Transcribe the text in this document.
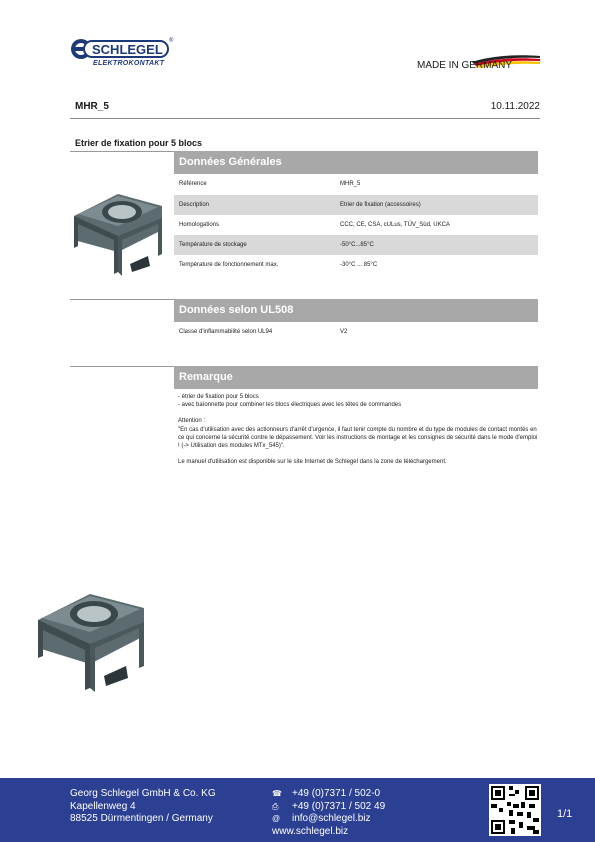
SCHLEGEL
®
ELEKTROKONTAKT	MADE IN GERMANY
MHR_5	10.11.2022
Etrier de fixation pour 5 blocs
Données Générales
Référence	MHR_5
Description	Etrier de fixation (accessoires)
Homologations	CCC, CE, CSA, cULus, TÜV_Süd, UKCA
Température de stockage	-50°C...85°C
Température de fonctionnement max.	-30°C ... 85°C
Données selon UL508
Classe d'inflammabilité selon UL94	V2
Remarque

- étrier de fixation pour 5 blocs

- avec baïonnette pour combiner les blocs électriques avec les têtes de commandes

Attention :

"En cas d'utilisation avec des actionneurs d'arrêt d'urgence, il faut tenir compte du nombre et du type de modules de contact montés en ce qui concerne la sécurité contre le dépassement. Voir les instructions de montage et les consignes de sécurité dans le mode d'emploi ! (-> Utilisation des modules MTx_545)".

Le manuel d'utilisation est disponible sur le site Internet de Schlegel dans la zone de téléchargement.

Georg Schlegel GmbH & Co. KG
Kapellenweg 4
88525 Dürmentingen / Germany
☎ +49 (0)7371 / 502-0
⎙ +49 (0)7371 / 502 49
@ info@schlegel.biz
www.schlegel.biz
1/1
